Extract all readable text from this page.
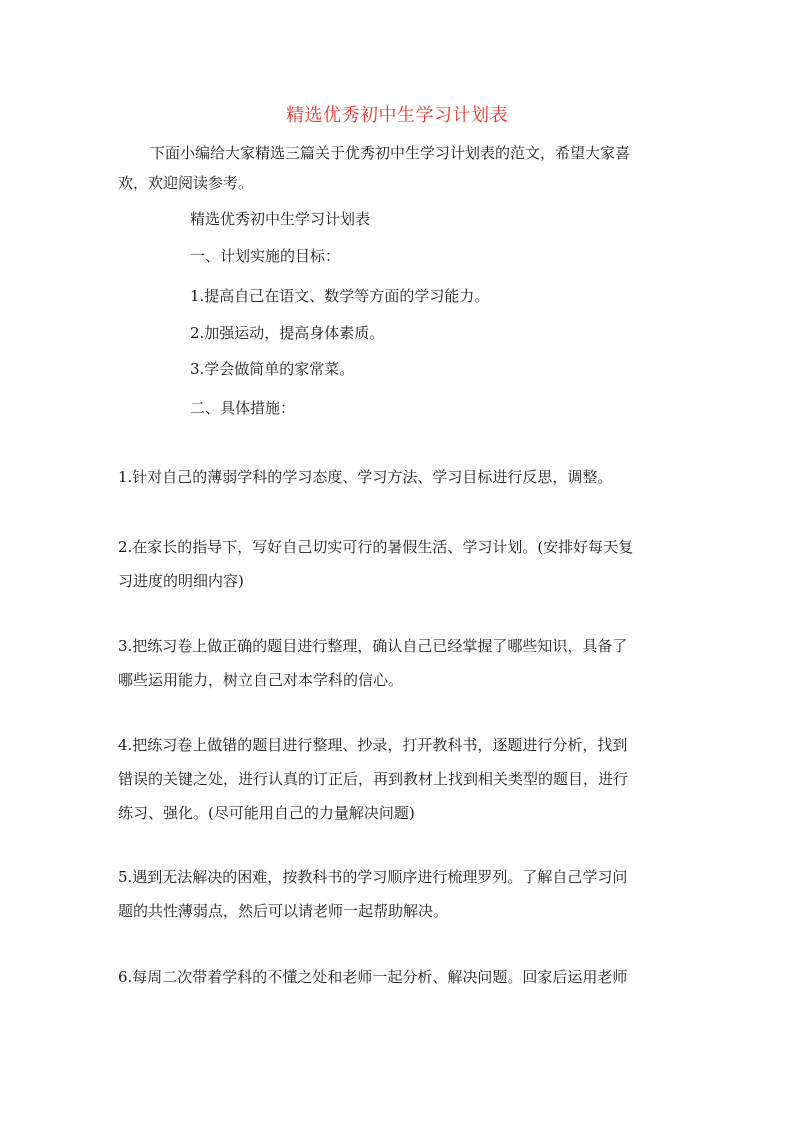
精选优秀初中生学习计划表
下面小编给大家精选三篇关于优秀初中生学习计划表的范文，希望大家喜
欢，欢迎阅读参考。
精选优秀初中生学习计划表
一、计划实施的目标：
1.提高自己在语文、数学等方面的学习能力。
2.加强运动，提高身体素质。
3.学会做简单的家常菜。
二、具体措施：
1.针对自己的薄弱学科的学习态度、学习方法、学习目标进行反思，调整。
2.在家长的指导下，写好自己切实可行的暑假生活、学习计划。(安排好每天复
习进度的明细内容)
3.把练习卷上做正确的题目进行整理，确认自己已经掌握了哪些知识，具备了
哪些运用能力，树立自己对本学科的信心。
4.把练习卷上做错的题目进行整理、抄录，打开教科书，逐题进行分析，找到
错误的关键之处，进行认真的订正后，再到教材上找到相关类型的题目，进行
练习、强化。(尽可能用自己的力量解决问题)
5.遇到无法解决的困难，按教科书的学习顺序进行梳理罗列。了解自己学习问
题的共性薄弱点，然后可以请老师一起帮助解决。
6.每周二次带着学科的不懂之处和老师一起分析、解决问题。回家后运用老师
